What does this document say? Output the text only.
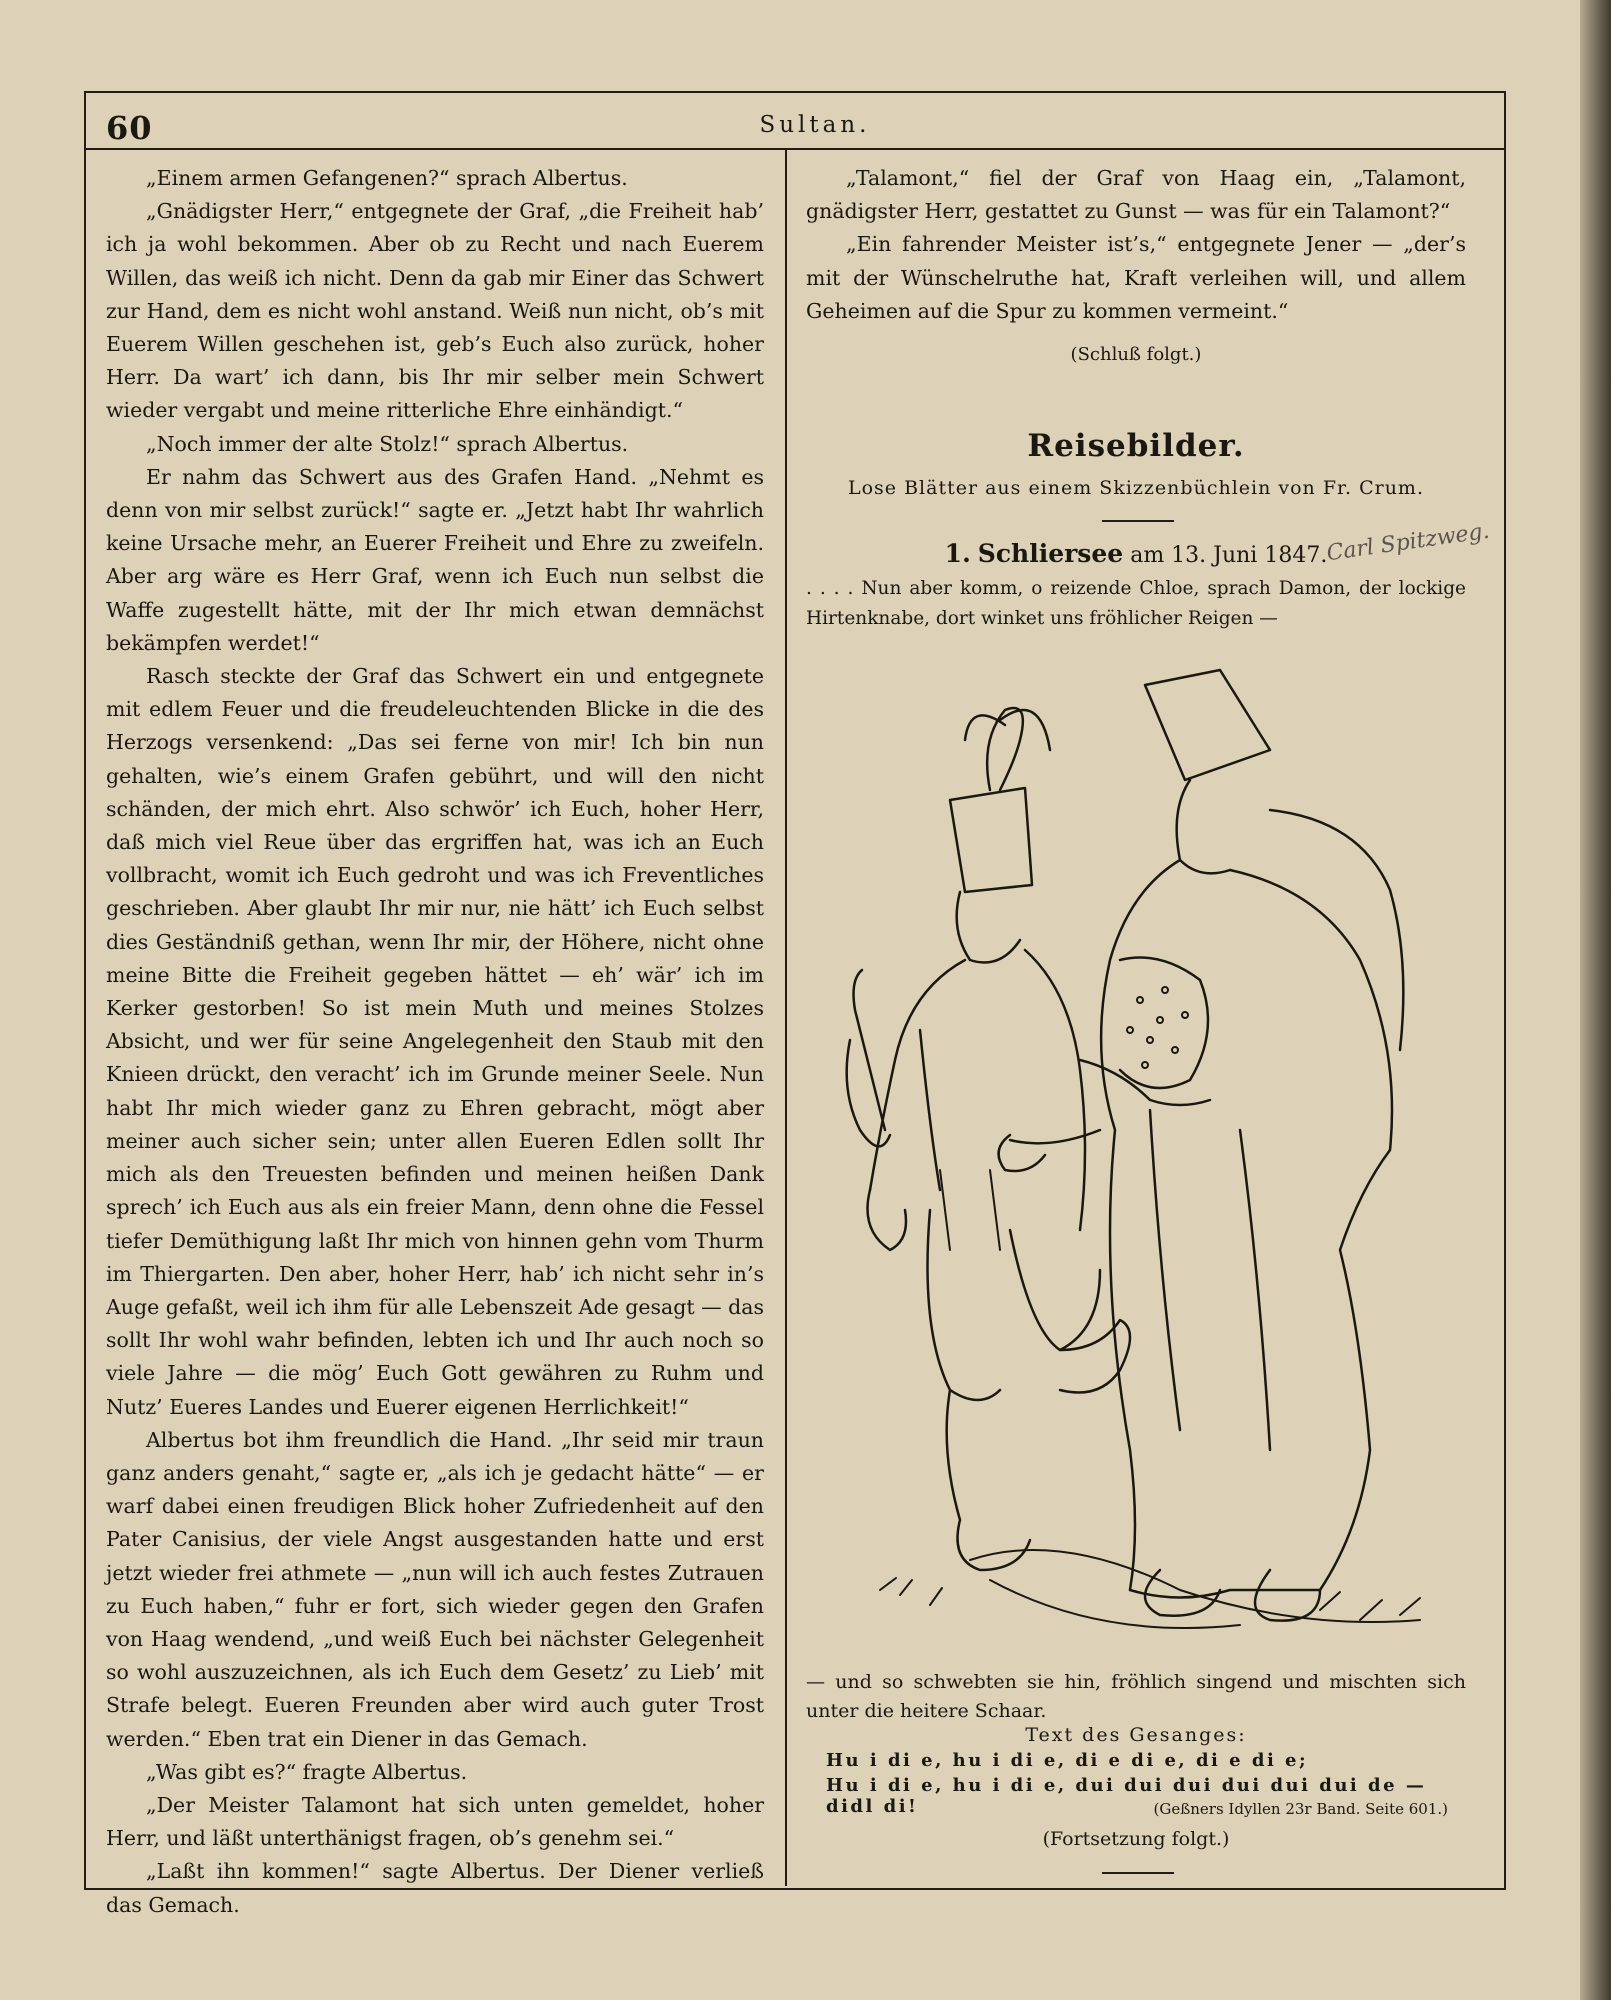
60	Sultan.

„Einem armen Gefangenen?“ sprach Albertus.

„Gnädigster Herr,“ entgegnete der Graf, „die Freiheit hab’ ich ja wohl bekommen. Aber ob zu Recht und nach Euerem Willen, das weiß ich nicht. Denn da gab mir Einer das Schwert zur Hand, dem es nicht wohl anstand. Weiß nun nicht, ob’s mit Euerem Willen geschehen ist, geb’s Euch also zurück, hoher Herr. Da wart’ ich dann, bis Ihr mir selber mein Schwert wieder vergabt und meine ritterliche Ehre einhändigt.“

„Noch immer der alte Stolz!“ sprach Albertus.

Er nahm das Schwert aus des Grafen Hand. „Nehmt es denn von mir selbst zurück!“ sagte er. „Jetzt habt Ihr wahrlich keine Ursache mehr, an Euerer Freiheit und Ehre zu zweifeln. Aber arg wäre es Herr Graf, wenn ich Euch nun selbst die Waffe zugestellt hätte, mit der Ihr mich etwan demnächst bekämpfen werdet!“

Rasch steckte der Graf das Schwert ein und entgegnete mit edlem Feuer und die freudeleuchtenden Blicke in die des Herzogs versenkend: „Das sei ferne von mir! Ich bin nun gehalten, wie’s einem Grafen gebührt, und will den nicht schänden, der mich ehrt. Also schwör’ ich Euch, hoher Herr, daß mich viel Reue über das ergriffen hat, was ich an Euch vollbracht, womit ich Euch gedroht und was ich Freventliches geschrieben. Aber glaubt Ihr mir nur, nie hätt’ ich Euch selbst dies Geständniß gethan, wenn Ihr mir, der Höhere, nicht ohne meine Bitte die Freiheit gegeben hättet — eh’ wär’ ich im Kerker gestorben! So ist mein Muth und meines Stolzes Absicht, und wer für seine Angelegenheit den Staub mit den Knieen drückt, den veracht’ ich im Grunde meiner Seele. Nun habt Ihr mich wieder ganz zu Ehren gebracht, mögt aber meiner auch sicher sein; unter allen Eueren Edlen sollt Ihr mich als den Treuesten befinden und meinen heißen Dank sprech’ ich Euch aus als ein freier Mann, denn ohne die Fessel tiefer Demüthigung laßt Ihr mich von hinnen gehn vom Thurm im Thiergarten. Den aber, hoher Herr, hab’ ich nicht sehr in’s Auge gefaßt, weil ich ihm für alle Lebenszeit Ade gesagt — das sollt Ihr wohl wahr befinden, lebten ich und Ihr auch noch so viele Jahre — die mög’ Euch Gott gewähren zu Ruhm und Nutz’ Eueres Landes und Euerer eigenen Herrlichkeit!“

Albertus bot ihm freundlich die Hand. „Ihr seid mir traun ganz anders genaht,“ sagte er, „als ich je gedacht hätte“ — er warf dabei einen freudigen Blick hoher Zufriedenheit auf den Pater Canisius, der viele Angst ausgestanden hatte und erst jetzt wieder frei athmete — „nun will ich auch festes Zutrauen zu Euch haben,“ fuhr er fort, sich wieder gegen den Grafen von Haag wendend, „und weiß Euch bei nächster Gelegenheit so wohl auszuzeichnen, als ich Euch dem Gesetz’ zu Lieb’ mit Strafe belegt. Eueren Freunden aber wird auch guter Trost werden.“ Eben trat ein Diener in das Gemach.

„Was gibt es?“ fragte Albertus.

„Der Meister Talamont hat sich unten gemeldet, hoher Herr, und läßt unterthänigst fragen, ob’s genehm sei.“

„Laßt ihn kommen!“ sagte Albertus. Der Diener verließ das Gemach.

„Talamont,“ fiel der Graf von Haag ein, „Talamont, gnädigster Herr, gestattet zu Gunst — was für ein Talamont?“

„Ein fahrender Meister ist’s,“ entgegnete Jener — „der’s mit der Wünschelruthe hat, Kraft verleihen will, und allem Geheimen auf die Spur zu kommen vermeint.“

(Schluß folgt.)

Reisebilder.
Lose Blätter aus einem Skizzenbüchlein von Fr. Crum.
1. Schliersee am 13. Juni 1847.
Carl Spitzweg.
. . . . Nun aber komm, o reizende Chloe, sprach Damon, der lockige Hirtenknabe, dort winket uns fröhlicher Reigen —
— und so schwebten sie hin, fröhlich singend und mischten sich unter die heitere Schaar.
Text des Gesanges:
Hu i di e, hu i di e, di e di e, di e di e;
Hu i di e, hu i di e, dui dui dui dui dui dui de — didl di!	(Geßners Idyllen 23r Band. Seite 601.)
(Fortsetzung folgt.)
